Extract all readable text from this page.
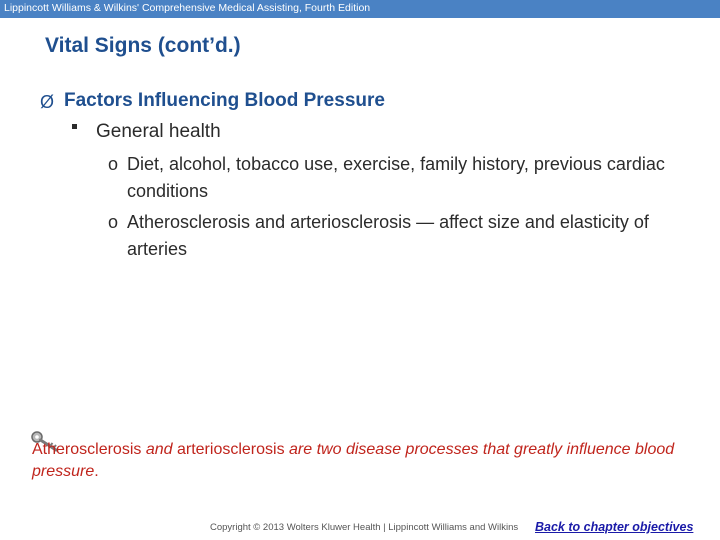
Lippincott Williams & Wilkins' Comprehensive Medical Assisting, Fourth Edition
Vital Signs (cont’d.)
Ø Factors Influencing Blood Pressure
General health
o Diet, alcohol, tobacco use, exercise, family history, previous cardiac conditions
o Atherosclerosis and arteriosclerosis — affect size and elasticity of arteries
Atherosclerosis and arteriosclerosis are two disease processes that greatly influence blood pressure.
Copyright © 2013 Wolters Kluwer Health | Lippincott Williams and Wilkins Back to chapter objectives
